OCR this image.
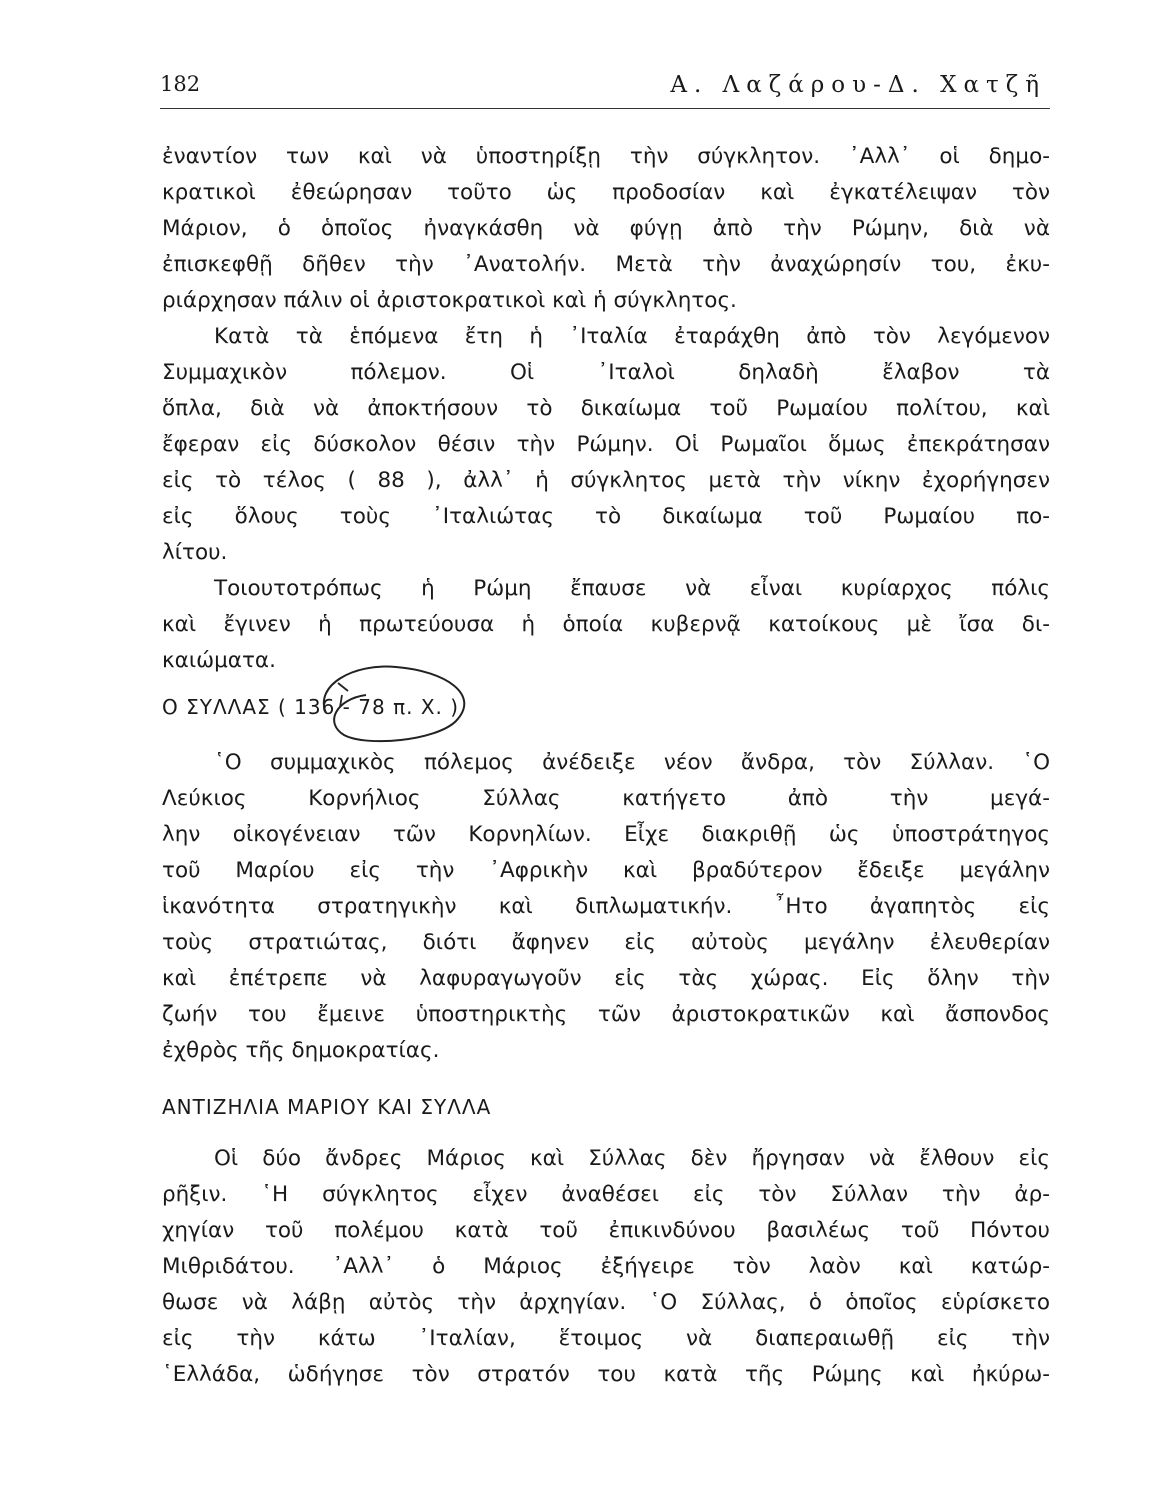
182	Α. Λαζάρου-Δ. Χατζῆ
ἐναντίον των καὶ νὰ ὑποστηρίξῃ τὴν σύγκλητον. ᾿Αλλ᾿ οἱ δημο-
κρατικοὶ ἐθεώρησαν τοῦτο ὡς προδοσίαν καὶ ἐγκατέλειψαν τὸν
Μάριον, ὁ ὁποῖος ἠναγκάσθη νὰ φύγῃ ἀπὸ τὴν Ρώμην, διὰ νὰ
ἐπισκεφθῇ δῆθεν τὴν ᾿Ανατολήν. Μετὰ τὴν ἀναχώρησίν του, ἐκυ-
ριάρχησαν πάλιν οἱ ἀριστοκρατικοὶ καὶ ἡ σύγκλητος.
Κατὰ τὰ ἑπόμενα ἔτη ἡ ᾿Ιταλία ἐταράχθη ἀπὸ τὸν λεγόμενον
Συμμαχικὸν πόλεμον. Οἱ ᾿Ιταλοὶ δηλαδὴ ἔλαβον τὰ
ὅπλα, διὰ νὰ ἀποκτήσουν τὸ δικαίωμα τοῦ Ρωμαίου πολίτου, καὶ
ἔφεραν εἰς δύσκολον θέσιν τὴν Ρώμην. Οἱ Ρωμαῖοι ὅμως ἐπεκράτησαν
εἰς τὸ τέλος ( 88 ), ἀλλ᾿ ἡ σύγκλητος μετὰ τὴν νίκην ἐχορήγησεν
εἰς ὅλους τοὺς ᾿Ιταλιώτας τὸ δικαίωμα τοῦ Ρωμαίου πο-
λίτου.
Τοιουτοτρόπως ἡ Ρώμη ἔπαυσε νὰ εἶναι κυρίαρχος πόλις
καὶ ἔγινεν ἡ πρωτεύουσα ἡ ὁποία κυβερνᾷ κατοίκους μὲ ἴσα δι-
καιώματα.
Ο ΣΥΛΛΑΣ ( 136 - 78 π. Χ. )
῾Ο συμμαχικὸς πόλεμος ἀνέδειξε νέον ἄνδρα, τὸν Σύλλαν. ῾Ο
Λεύκιος Κορνήλιος Σύλλας κατήγετο ἀπὸ τὴν μεγά-
λην οἰκογένειαν τῶν Κορνηλίων. Εἶχε διακριθῇ ὡς ὑποστράτηγος
τοῦ Μαρίου εἰς τὴν ᾿Αφρικὴν καὶ βραδύτερον ἔδειξε μεγάλην
ἱκανότητα στρατηγικὴν καὶ διπλωματικήν. ῏Ητο ἀγαπητὸς εἰς
τοὺς στρατιώτας, διότι ἄφηνεν εἰς αὐτοὺς μεγάλην ἐλευθερίαν
καὶ ἐπέτρεπε νὰ λαφυραγωγοῦν εἰς τὰς χώρας. Εἰς ὅλην τὴν
ζωήν του ἔμεινε ὑποστηρικτὴς τῶν ἀριστοκρατικῶν καὶ ἄσπονδος
ἐχθρὸς τῆς δημοκρατίας.
ΑΝΤΙΖΗΛΙΑ ΜΑΡΙΟΥ ΚΑΙ ΣΥΛΛΑ
Οἱ δύο ἄνδρες Μάριος καὶ Σύλλας δὲν ἤργησαν νὰ ἔλθουν εἰς
ρῆξιν. ῾Η σύγκλητος εἶχεν ἀναθέσει εἰς τὸν Σύλλαν τὴν ἀρ-
χηγίαν τοῦ πολέμου κατὰ τοῦ ἐπικινδύνου βασιλέως τοῦ Πόντου
Μιθριδάτου. ᾿Αλλ᾿ ὁ Μάριος ἐξήγειρε τὸν λαὸν καὶ κατώρ-
θωσε νὰ λάβῃ αὐτὸς τὴν ἀρχηγίαν. ῾Ο Σύλλας, ὁ ὁποῖος εὑρίσκετο
εἰς τὴν κάτω ᾿Ιταλίαν, ἕτοιμος νὰ διαπεραιωθῇ εἰς τὴν
῾Ελλάδα, ὡδήγησε τὸν στρατόν του κατὰ τῆς Ρώμης καὶ ἠκύρω-
